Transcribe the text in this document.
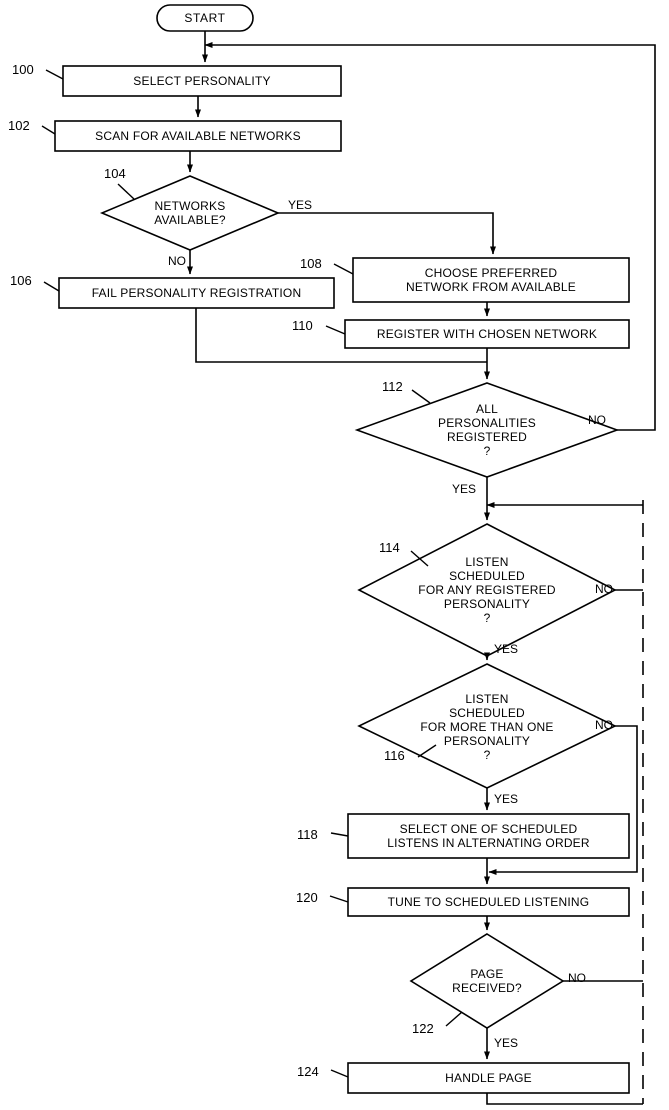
START
SELECT PERSONALITY
SCAN FOR AVAILABLE NETWORKS
NETWORKS
AVAILABLE?
FAIL PERSONALITY REGISTRATION
CHOOSE PREFERRED
NETWORK FROM AVAILABLE
REGISTER WITH CHOSEN NETWORK
ALL
PERSONALITIES
REGISTERED
?
LISTEN
SCHEDULED
FOR ANY REGISTERED
PERSONALITY
?
LISTEN
SCHEDULED
FOR MORE THAN ONE
PERSONALITY
?
SELECT ONE OF SCHEDULED
LISTENS IN ALTERNATING ORDER
TUNE TO SCHEDULED LISTENING
PAGE
RECEIVED?
HANDLE PAGE
100
102
104
106
108
110
112
114
116
118
120
122
124
YES
NO
NO
YES
NO
YES
NO
YES
NO
YES
